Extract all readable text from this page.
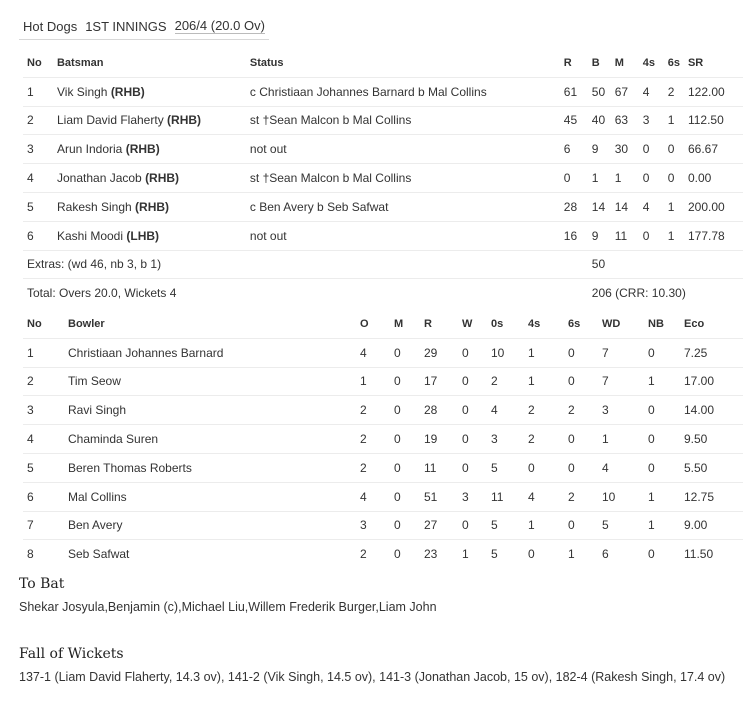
Hot Dogs 1ST INNINGS 206/4 (20.0 Ov)
No	Batsman	Status	R	B	M	4s	6s	SR
1	Vik Singh (RHB)	c Christiaan Johannes Barnard b Mal Collins	61	50	67	4	2	122.00
2	Liam David Flaherty (RHB)	st †Sean Malcon b Mal Collins	45	40	63	3	1	112.50
3	Arun Indoria (RHB)	not out	6	9	30	0	0	66.67
4	Jonathan Jacob (RHB)	st †Sean Malcon b Mal Collins	0	1	1	0	0	0.00
5	Rakesh Singh (RHB)	c Ben Avery b Seb Safwat	28	14	14	4	1	200.00
6	Kashi Moodi (LHB)	not out	16	9	11	0	1	177.78
Extras: (wd 46, nb 3, b 1)				50				
Total: Overs 20.0, Wickets 4				206 (CRR: 10.30)				
No	Bowler	O	M	R	W	0s	4s	6s	WD	NB	Eco
1	Christiaan Johannes Barnard	4	0	29	0	10	1	0	7	0	7.25
2	Tim Seow	1	0	17	0	2	1	0	7	1	17.00
3	Ravi Singh	2	0	28	0	4	2	2	3	0	14.00
4	Chaminda Suren	2	0	19	0	3	2	0	1	0	9.50
5	Beren Thomas Roberts	2	0	11	0	5	0	0	4	0	5.50
6	Mal Collins	4	0	51	3	11	4	2	10	1	12.75
7	Ben Avery	3	0	27	0	5	1	0	5	1	9.00
8	Seb Safwat	2	0	23	1	5	0	1	6	0	11.50
To Bat
Shekar Josyula,Benjamin (c),Michael Liu,Willem Frederik Burger,Liam John
Fall of Wickets
137-1 (Liam David Flaherty, 14.3 ov), 141-2 (Vik Singh, 14.5 ov), 141-3 (Jonathan Jacob, 15 ov), 182-4 (Rakesh Singh, 17.4 ov)
